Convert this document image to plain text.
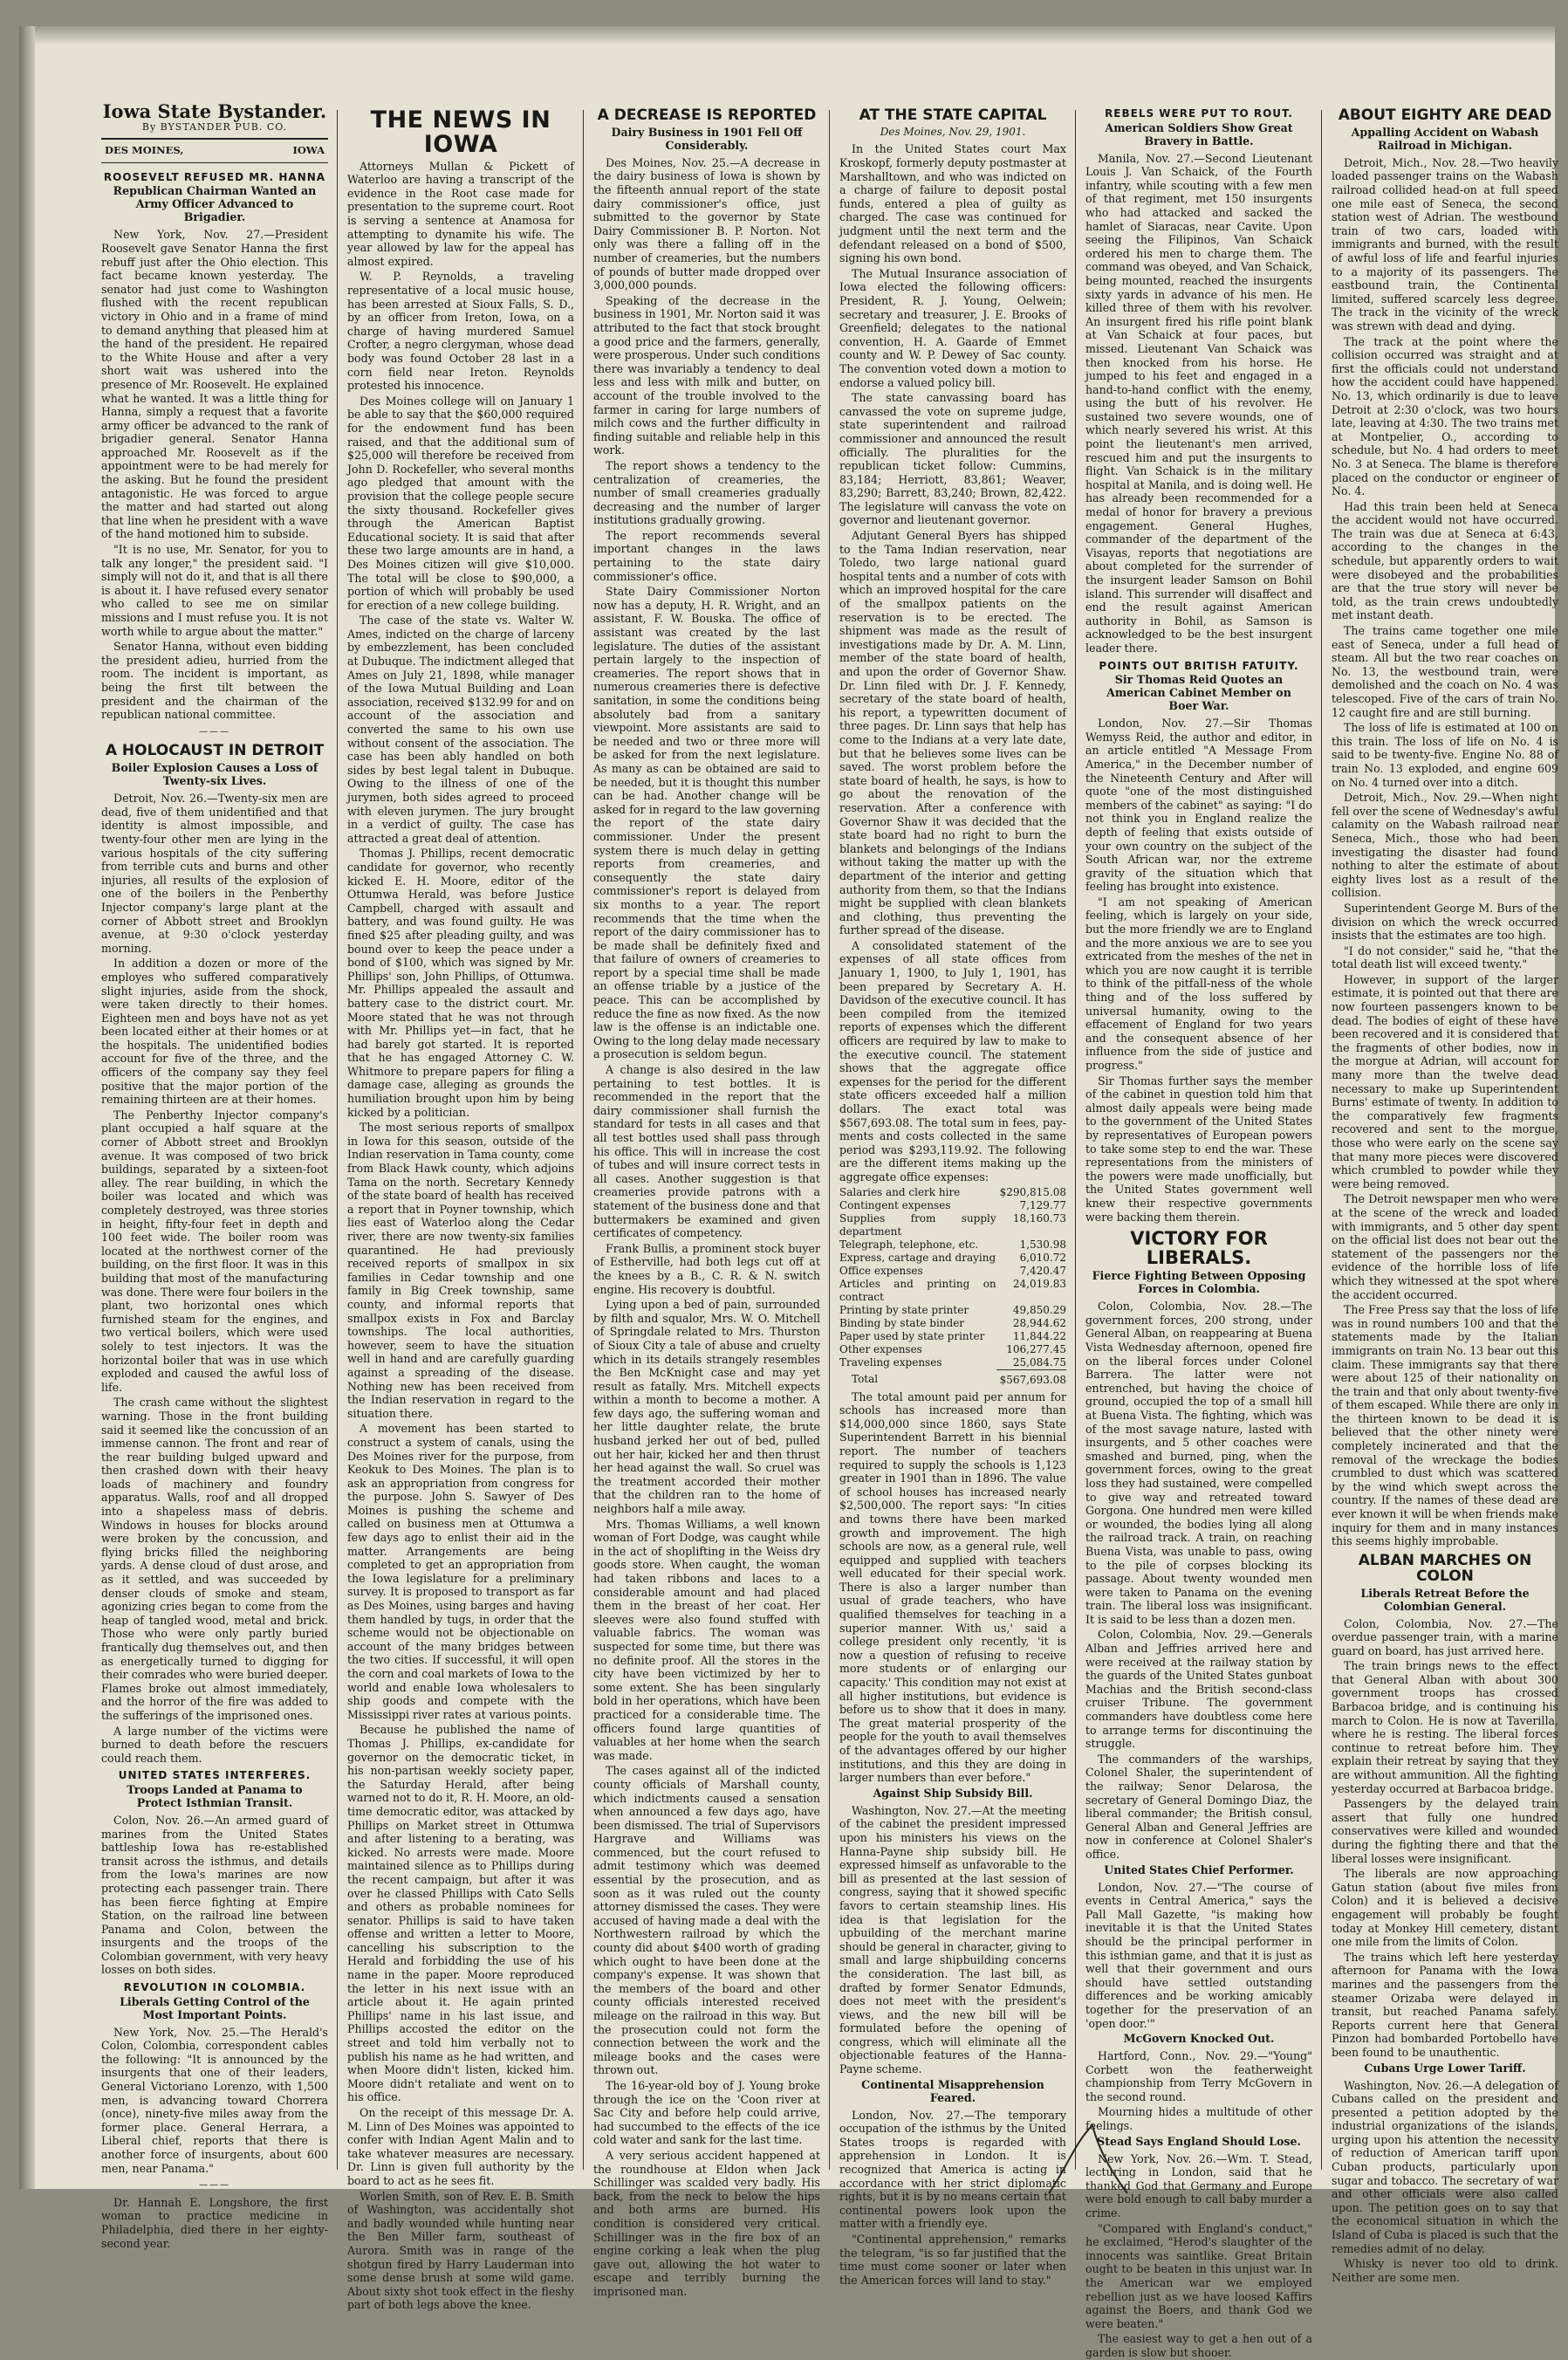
Iowa State Bystander.
By BYSTANDER PUB. CO.
DES MOINES,	IOWA
ROOSEVELT REFUSED MR. HANNA
Republican Chairman Wanted an Army Officer Advanced to Brigadier.

New York, Nov. 27.—President Roosevelt gave Senator Hanna the first rebuff just after the Ohio election. This fact became known yesterday. The senator had just come to Washington flushed with the recent republican victory in Ohio and in a frame of mind to demand anything that pleased him at the hand of the president. He repaired to the White House and after a very short wait was ushered into the presence of Mr. Roosevelt. He explained what he wanted. It was a little thing for Hanna, simply a request that a favorite army officer be advanced to the rank of brigadier general. Senator Hanna approached Mr. Roosevelt as if the appointment were to be had merely for the asking. But he found the president antagonistic. He was forced to argue the matter and had started out along that line when he president with a wave of the hand motioned him to subside.

"It is no use, Mr. Senator, for you to talk any longer," the president said. "I simply will not do it, and that is all there is about it. I have refused every senator who called to see me on similar missions and I must refuse you. It is not worth while to argue about the matter."

Senator Hanna, without even bidding the president adieu, hurried from the room. The incident is important, as being the first tilt between the president and the chairman of the republican national committee.

———
A HOLOCAUST IN DETROIT
Boiler Explosion Causes a Loss of Twenty-six Lives.

Detroit, Nov. 26.—Twenty-six men are dead, five of them unidentified and that identity is almost impossible, and twenty-four other men are lying in the various hospitals of the city suffering from terrible cuts and burns and other injuries, all results of the explosion of one of the boilers in the Penberthy Injector company's large plant at the corner of Abbott street and Brooklyn avenue, at 9:30 o'clock yesterday morning.

In addition a dozen or more of the employes who suffered comparatively slight injuries, aside from the shock, were taken directly to their homes. Eighteen men and boys have not as yet been located either at their homes or at the hospitals. The unidentified bodies account for five of the three, and the officers of the company say they feel positive that the major portion of the remaining thirteen are at their homes.

The Penberthy Injector company's plant occupied a half square at the corner of Abbott street and Brooklyn avenue. It was composed of two brick buildings, separated by a sixteen-foot alley. The rear building, in which the boiler was located and which was completely destroyed, was three stories in height, fifty-four feet in depth and 100 feet wide. The boiler room was located at the northwest corner of the building, on the first floor. It was in this building that most of the manufacturing was done. There were four boilers in the plant, two horizontal ones which furnished steam for the engines, and two vertical boilers, which were used solely to test injectors. It was the horizontal boiler that was in use which exploded and caused the awful loss of life.

The crash came without the slightest warning. Those in the front building said it seemed like the concussion of an immense cannon. The front and rear of the rear building bulged upward and then crashed down with their heavy loads of machinery and foundry apparatus. Walls, roof and all dropped into a shapeless mass of debris. Windows in houses for blocks around were broken by the concussion, and flying bricks filled the neighboring yards. A dense cloud of dust arose, and as it settled, and was succeeded by denser clouds of smoke and steam, agonizing cries began to come from the heap of tangled wood, metal and brick. Those who were only partly buried frantically dug themselves out, and then as energetically turned to digging for their comrades who were buried deeper. Flames broke out almost immediately, and the horror of the fire was added to the sufferings of the imprisoned ones.

A large number of the victims were burned to death before the rescuers could reach them.

UNITED STATES INTERFERES.
Troops Landed at Panama to Protect Isthmian Transit.

Colon, Nov. 26.—An armed guard of marines from the United States battleship Iowa has re-established transit across the isthmus, and details from the Iowa's marines are now protecting each passenger train. There has been fierce fighting at Empire Station, on the railroad line between Panama and Colon, between the insurgents and the troops of the Colombian government, with very heavy losses on both sides.

REVOLUTION IN COLOMBIA.
Liberals Getting Control of the Most Important Points.

New York, Nov. 25.—The Herald's Colon, Colombia, correspondent cables the following: "It is announced by the insurgents that one of their leaders, General Victoriano Lorenzo, with 1,500 men, is advancing toward Chorrera (once), ninety-five miles away from the former place. General Herrara, a Liberal chief, reports that there is another force of insurgents, about 600 men, near Panama."

———

Dr. Hannah E. Longshore, the first woman to practice medicine in Philadelphia, died there in her eighty-second year.

THE NEWS IN IOWA

Attorneys Mullan & Pickett of Waterloo are having a transcript of the evidence in the Root case made for presentation to the supreme court. Root is serving a sentence at Anamosa for attempting to dynamite his wife. The year allowed by law for the appeal has almost expired.

W. P. Reynolds, a traveling representative of a local music house, has been arrested at Sioux Falls, S. D., by an officer from Ireton, Iowa, on a charge of having murdered Samuel Crofter, a negro clergyman, whose dead body was found October 28 last in a corn field near Ireton. Reynolds protested his innocence.

Des Moines college will on January 1 be able to say that the $60,000 required for the endowment fund has been raised, and that the additional sum of $25,000 will therefore be received from John D. Rockefeller, who several months ago pledged that amount with the provision that the college people secure the sixty thousand. Rockefeller gives through the American Baptist Educational society. It is said that after these two large amounts are in hand, a Des Moines citizen will give $10,000. The total will be close to $90,000, a portion of which will probably be used for erection of a new college building.

The case of the state vs. Walter W. Ames, indicted on the charge of larceny by embezzlement, has been concluded at Dubuque. The indictment alleged that Ames on July 21, 1898, while manager of the Iowa Mutual Building and Loan association, received $132.99 for and on account of the association and converted the same to his own use without consent of the association. The case has been ably handled on both sides by best legal talent in Dubuque. Owing to the illness of one of the jurymen, both sides agreed to proceed with eleven jurymen. The jury brought in a verdict of guilty. The case has attracted a great deal of attention.

Thomas J. Phillips, recent democratic candidate for governor, who recently kicked E. H. Moore, editor of the Ottumwa Herald, was before Justice Campbell, charged with assault and battery, and was found guilty. He was fined $25 after pleading guilty, and was bound over to keep the peace under a bond of $100, which was signed by Mr. Phillips' son, John Phillips, of Ottumwa. Mr. Phillips appealed the assault and battery case to the district court. Mr. Moore stated that he was not through with Mr. Phillips yet—in fact, that he had barely got started. It is reported that he has engaged Attorney C. W. Whitmore to prepare papers for filing a damage case, alleging as grounds the humiliation brought upon him by being kicked by a politician.

The most serious reports of smallpox in Iowa for this season, outside of the Indian reservation in Tama county, come from Black Hawk county, which adjoins Tama on the north. Secretary Kennedy of the state board of health has received a report that in Poyner township, which lies east of Waterloo along the Cedar river, there are now twenty-six families quarantined. He had previously received reports of smallpox in six families in Cedar township and one family in Big Creek township, same county, and informal reports that smallpox exists in Fox and Barclay townships. The local authorities, however, seem to have the situation well in hand and are carefully guarding against a spreading of the disease. Nothing new has been received from the Indian reservation in regard to the situation there.

A movement has been started to construct a system of canals, using the Des Moines river for the purpose, from Keokuk to Des Moines. The plan is to ask an appropriation from congress for the purpose. John S. Sawyer of Des Moines is pushing the scheme and called on business men at Ottumwa a few days ago to enlist their aid in the matter. Arrangements are being completed to get an appropriation from the Iowa legislature for a preliminary survey. It is proposed to transport as far as Des Moines, using barges and having them handled by tugs, in order that the scheme would not be objectionable on account of the many bridges between the two cities. If successful, it will open the corn and coal markets of Iowa to the world and enable Iowa wholesalers to ship goods and compete with the Mississippi river rates at various points.

Because he published the name of Thomas J. Phillips, ex-candidate for governor on the democratic ticket, in his non-partisan weekly society paper, the Saturday Herald, after being warned not to do it, R. H. Moore, an old-time democratic editor, was attacked by Phillips on Market street in Ottumwa and after listening to a berating, was kicked. No arrests were made. Moore maintained silence as to Phillips during the recent campaign, but after it was over he classed Phillips with Cato Sells and others as probable nominees for senator. Phillips is said to have taken offense and written a letter to Moore, cancelling his subscription to the Herald and forbidding the use of his name in the paper. Moore reproduced the letter in his next issue with an article about it. He again printed Phillips' name in his last issue, and Phillips accosted the editor on the street and told him verbally not to publish his name as he had written, and when Moore didn't listen, kicked him. Moore didn't retaliate and went on to his office.

On the receipt of this message Dr. A. M. Linn of Des Moines was appointed to confer with Indian Agent Malin and to take whatever measures are necessary. Dr. Linn is given full authority by the board to act as he sees fit.

Worlen Smith, son of Rev. E. B. Smith of Washington, was accidentally shot and badly wounded while hunting near the Ben Miller farm, southeast of Aurora. Smith was in range of the shotgun fired by Harry Lauderman into some dense brush at some wild game. About sixty shot took effect in the fleshy part of both legs above the knee.

A DECREASE IS REPORTED
Dairy Business in 1901 Fell Off Considerably.

Des Moines, Nov. 25.—A decrease in the dairy business of Iowa is shown by the fifteenth annual report of the state dairy commissioner's office, just submitted to the governor by State Dairy Commissioner B. P. Norton. Not only was there a falling off in the number of creameries, but the numbers of pounds of butter made dropped over 3,000,000 pounds.

Speaking of the decrease in the business in 1901, Mr. Norton said it was attributed to the fact that stock brought a good price and the farmers, generally, were prosperous. Under such conditions there was invariably a tendency to deal less and less with milk and butter, on account of the trouble involved to the farmer in caring for large numbers of milch cows and the further difficulty in finding suitable and reliable help in this work.

The report shows a tendency to the centralization of creameries, the number of small creameries gradually decreasing and the number of larger institutions gradually growing.

The report recommends several important changes in the laws pertaining to the state dairy commissioner's office.

State Dairy Commissioner Norton now has a deputy, H. R. Wright, and an assistant, F. W. Bouska. The office of assistant was created by the last legislature. The duties of the assistant pertain largely to the inspection of creameries. The report shows that in numerous creameries there is defective sanitation, in some the conditions being absolutely bad from a sanitary viewpoint. More assistants are said to be needed and two or three more will be asked for from the next legislature. As many as can be obtained are said to be needed, but it is thought this number can be had. Another change will be asked for in regard to the law governing the report of the state dairy commissioner. Under the present system there is much delay in getting reports from creameries, and consequently the state dairy commissioner's report is delayed from six months to a year. The report recommends that the time when the report of the dairy commissioner has to be made shall be definitely fixed and that failure of owners of creameries to report by a special time shall be made an offense triable by a justice of the peace. This can be accomplished by reduce the fine as now fixed. As the now law is the offense is an indictable one. Owing to the long delay made necessary a prosecution is seldom begun.

A change is also desired in the law pertaining to test bottles. It is recommended in the report that the dairy commissioner shall furnish the standard for tests in all cases and that all test bottles used shall pass through his office. This will in increase the cost of tubes and will insure correct tests in all cases. Another suggestion is that creameries provide patrons with a statement of the business done and that buttermakers be examined and given certificates of competency.

Frank Bullis, a prominent stock buyer of Estherville, had both legs cut off at the knees by a B., C. R. & N. switch engine. His recovery is doubtful.

Lying upon a bed of pain, surrounded by filth and squalor, Mrs. W. O. Mitchell of Springdale related to Mrs. Thurston of Sioux City a tale of abuse and cruelty which in its details strangely resembles the Ben McKnight case and may yet result as fatally. Mrs. Mitchell expects within a month to become a mother. A few days ago, the suffering woman and her little daughter relate, the brute husband jerked her out of bed, pulled out her hair, kicked her and then thrust her head against the wall. So cruel was the treatment accorded their mother that the children ran to the home of neighbors half a mile away.

Mrs. Thomas Williams, a well known woman of Fort Dodge, was caught while in the act of shoplifting in the Weiss dry goods store. When caught, the woman had taken ribbons and laces to a considerable amount and had placed them in the breast of her coat. Her sleeves were also found stuffed with valuable fabrics. The woman was suspected for some time, but there was no definite proof. All the stores in the city have been victimized by her to some extent. She has been singularly bold in her operations, which have been practiced for a considerable time. The officers found large quantities of valuables at her home when the search was made.

The cases against all of the indicted county officials of Marshall county, which indictments caused a sensation when announced a few days ago, have been dismissed. The trial of Supervisors Hargrave and Williams was commenced, but the court refused to admit testimony which was deemed essential by the prosecution, and as soon as it was ruled out the county attorney dismissed the cases. They were accused of having made a deal with the Northwestern railroad by which the county did about $400 worth of grading which ought to have been done at the company's expense. It was shown that the members of the board and other county officials interested received mileage on the railroad in this way. But the prosecution could not form the connection between the work and the mileage books and the cases were thrown out.

The 16-year-old boy of J. Young broke through the ice on the 'Coon river at Sac City and before help could arrive, had succumbed to the effects of the ice cold water and sank for the last time.

A very serious accident happened at the roundhouse at Eldon when Jack Schillinger was scalded very badly. His back, from the neck to below the hips and both arms are burned. His condition is considered very critical. Schillinger was in the fire box of an engine corking a leak when the plug gave out, allowing the hot water to escape and terribly burning the imprisoned man.

AT THE STATE CAPITAL
Des Moines, Nov. 29, 1901.

In the United States court Max Kroskopf, formerly deputy postmaster at Marshalltown, and who was indicted on a charge of failure to deposit postal funds, entered a plea of guilty as charged. The case was continued for judgment until the next term and the defendant released on a bond of $500, signing his own bond.

The Mutual Insurance association of Iowa elected the following officers: President, R. J. Young, Oelwein; secretary and treasurer, J. E. Brooks of Greenfield; delegates to the national convention, H. A. Gaarde of Emmet county and W. P. Dewey of Sac county. The convention voted down a motion to endorse a valued policy bill.

The state canvassing board has canvassed the vote on supreme judge, state superintendent and railroad commissioner and announced the result officially. The pluralities for the republican ticket follow: Cummins, 83,184; Herriott, 83,861; Weaver, 83,290; Barrett, 83,240; Brown, 82,422. The legislature will canvass the vote on governor and lieutenant governor.

Adjutant General Byers has shipped to the Tama Indian reservation, near Toledo, two large national guard hospital tents and a number of cots with which an improved hospital for the care of the smallpox patients on the reservation is to be erected. The shipment was made as the result of investigations made by Dr. A. M. Linn, member of the state board of health, and upon the order of Governor Shaw. Dr. Linn filed with Dr. J. F. Kennedy, secretary of the state board of health, his report, a typewritten document of three pages. Dr. Linn says that help has come to the Indians at a very late date, but that he believes some lives can be saved. The worst problem before the state board of health, he says, is how to go about the renovation of the reservation. After a conference with Governor Shaw it was decided that the state board had no right to burn the blankets and belongings of the Indians without taking the matter up with the department of the interior and getting authority from them, so that the Indians might be supplied with clean blankets and clothing, thus preventing the further spread of the disease.

A consolidated statement of the expenses of all state offices from January 1, 1900, to July 1, 1901, has been prepared by Secretary A. H. Davidson of the executive council. It has been compiled from the itemized reports of expenses which the different officers are required by law to make to the executive council. The statement shows that the aggregate office expenses for the period for the different state officers exceeded half a million dollars. The exact total was $567,693.08. The total sum in fees, pay-ments and costs collected in the same period was $293,119.92. The following are the different items making up the aggregate office expenses:

Salaries and clerk hire	$290,815.08
Contingent expenses	7,129.77
Supplies from supply department	18,160.73
Telegraph, telephone, etc.	1,530.98
Express, cartage and draying	6,010.72
Office expenses	7,420.47
Articles and printing on contract	24,019.83
Printing by state printer	49,850.29
Binding by state binder	28,944.62
Paper used by state printer	11,844.22
Other expenses	106,277.45
Traveling expenses	25,084.75
Total	$567,693.08

The total amount paid per annum for schools has increased more than $14,000,000 since 1860, says State Superintendent Barrett in his biennial report. The number of teachers required to supply the schools is 1,123 greater in 1901 than in 1896. The value of school houses has increased nearly $2,500,000. The report says: "In cities and towns there have been marked growth and improvement. The high schools are now, as a general rule, well equipped and supplied with teachers well educated for their special work. There is also a larger number than usual of grade teachers, who have qualified themselves for teaching in a superior manner. With us,' said a college president only recently, 'it is now a question of refusing to receive more students or of enlarging our capacity.' This condition may not exist at all higher institutions, but evidence is before us to show that it does in many. The great material prosperity of the people for the youth to avail themselves of the advantages offered by our higher institutions, and this they are doing in larger numbers than ever before."

Against Ship Subsidy Bill.

Washington, Nov. 27.—At the meeting of the cabinet the president impressed upon his ministers his views on the Hanna-Payne ship subsidy bill. He expressed himself as unfavorable to the bill as presented at the last session of congress, saying that it showed specific favors to certain steamship lines. His idea is that legislation for the upbuilding of the merchant marine should be general in character, giving to small and large shipbuilding concerns the consideration. The last bill, as drafted by former Senator Edmunds, does not meet with the president's views, and the new bill will be formulated before the opening of congress, which will eliminate all the objectionable features of the Hanna-Payne scheme.

Continental Misapprehension Feared.

London, Nov. 27.—The temporary occupation of the isthmus by the United States troops is regarded with apprehension in London. It is recognized that America is acting in accordance with her strict diplomatic rights, but it is by no means certain that continental powers look upon the matter with a friendly eye.

"Continental apprehension," remarks the telegram, "is so far justified that the time must come sooner or later when the American forces will land to stay."

REBELS WERE PUT TO ROUT.
American Soldiers Show Great Bravery in Battle.

Manila, Nov. 27.—Second Lieutenant Louis J. Van Schaick, of the Fourth infantry, while scouting with a few men of that regiment, met 150 insurgents who had attacked and sacked the hamlet of Siaracas, near Cavite. Upon seeing the Filipinos, Van Schaick ordered his men to charge them. The command was obeyed, and Van Schaick, being mounted, reached the insurgents sixty yards in advance of his men. He killed three of them with his revolver. An insurgent fired his rifle point blank at Van Schaick at four paces, but missed. Lieutenant Van Schaick was then knocked from his horse. He jumped to his feet and engaged in a hand-to-hand conflict with the enemy, using the butt of his revolver. He sustained two severe wounds, one of which nearly severed his wrist. At this point the lieutenant's men arrived, rescued him and put the insurgents to flight. Van Schaick is in the military hospital at Manila, and is doing well. He has already been recommended for a medal of honor for bravery a previous engagement. General Hughes, commander of the department of the Visayas, reports that negotiations are about completed for the surrender of the insurgent leader Samson on Bohil island. This surrender will disaffect and end the result against American authority in Bohil, as Samson is acknowledged to be the best insurgent leader there.

POINTS OUT BRITISH FATUITY.
Sir Thomas Reid Quotes an American Cabinet Member on Boer War.

London, Nov. 27.—Sir Thomas Wemyss Reid, the author and editor, in an article entitled "A Message From America," in the December number of the Nineteenth Century and After will quote "one of the most distinguished members of the cabinet" as saying: "I do not think you in England realize the depth of feeling that exists outside of your own country on the subject of the South African war, nor the extreme gravity of the situation which that feeling has brought into existence.

"I am not speaking of American feeling, which is largely on your side, but the more friendly we are to England and the more anxious we are to see you extricated from the meshes of the net in which you are now caught it is terrible to think of the pitfall-ness of the whole thing and of the loss suffered by universal humanity, owing to the effacement of England for two years and the consequent absence of her influence from the side of justice and progress."

Sir Thomas further says the member of the cabinet in question told him that almost daily appeals were being made to the government of the United States by representatives of European powers to take some step to end the war. These representations from the ministers of the powers were made unofficially, but the United States government well knew their respective governments were backing them therein.

VICTORY FOR LIBERALS.
Fierce Fighting Between Opposing Forces in Colombia.

Colon, Colombia, Nov. 28.—The government forces, 200 strong, under General Alban, on reappearing at Buena Vista Wednesday afternoon, opened fire on the liberal forces under Colonel Barrera. The latter were not entrenched, but having the choice of ground, occupied the top of a small hill at Buena Vista. The fighting, which was of the most savage nature, lasted with insurgents, and 5 other coaches were smashed and burned, ping, when the government forces, owing to the great loss they had sustained, were compelled to give way and retreated toward Gorgona. One hundred men were killed or wounded, the bodies lying all along the railroad track. A train, on reaching Buena Vista, was unable to pass, owing to the pile of corpses blocking its passage. About twenty wounded men were taken to Panama on the evening train. The liberal loss was insignificant. It is said to be less than a dozen men.

Colon, Colombia, Nov. 29.—Generals Alban and Jeffries arrived here and were received at the railway station by the guards of the United States gunboat Machias and the British second-class cruiser Tribune. The government commanders have doubtless come here to arrange terms for discontinuing the struggle.

The commanders of the warships, Colonel Shaler, the superintendent of the railway; Senor Delarosa, the secretary of General Domingo Diaz, the liberal commander; the British consul, General Alban and General Jeffries are now in conference at Colonel Shaler's office.

United States Chief Performer.

London, Nov. 27.—"The course of events in Central America," says the Pall Mall Gazette, "is making how inevitable it is that the United States should be the principal performer in this isthmian game, and that it is just as well that their government and ours should have settled outstanding differences and be working amicably together for the preservation of an 'open door.'"

McGovern Knocked Out.

Hartford, Conn., Nov. 29.—"Young" Corbett won the featherweight championship from Terry McGovern in the second round.

Mourning hides a multitude of other feelings.

Stead Says England Should Lose.

New York, Nov. 26.—Wm. T. Stead, lecturing in London, said that he thanked God that Germany and Europe were bold enough to call baby murder a crime.

"Compared with England's conduct," he exclaimed, "Herod's slaughter of the innocents was saintlike. Great Britain ought to be beaten in this unjust war. In the American war we employed rebellion just as we have loosed Kaffirs against the Boers, and thank God we were beaten."

The easiest way to get a hen out of a garden is slow but shooer.

ABOUT EIGHTY ARE DEAD
Appalling Accident on Wabash Railroad in Michigan.

Detroit, Mich., Nov. 28.—Two heavily loaded passenger trains on the Wabash railroad collided head-on at full speed one mile east of Seneca, the second station west of Adrian. The westbound train of two cars, loaded with immigrants and burned, with the result of awful loss of life and fearful injuries to a majority of its passengers. The eastbound train, the Continental limited, suffered scarcely less degree. The track in the vicinity of the wreck was strewn with dead and dying.

The track at the point where the collision occurred was straight and at first the officials could not understand how the accident could have happened. No. 13, which ordinarily is due to leave Detroit at 2:30 o'clock, was two hours late, leaving at 4:30. The two trains met at Montpelier, O., according to schedule, but No. 4 had orders to meet No. 3 at Seneca. The blame is therefore placed on the conductor or engineer of No. 4.

Had this train been held at Seneca the accident would not have occurred. The train was due at Seneca at 6:43, according to the changes in the schedule, but apparently orders to wait were disobeyed and the probabilities are that the true story will never be told, as the train crews undoubtedly met instant death.

The trains came together one mile east of Seneca, under a full head of steam. All but the two rear coaches on No. 13, the westbound train, were demolished and the coach on No. 4 was telescoped. Five of the cars of train No. 12 caught fire and are still burning.

The loss of life is estimated at 100 on this train. The loss of life on No. 4 is said to be twenty-five. Engine No. 88 of train No. 13 exploded, and engine 609 on No. 4 turned over into a ditch.

Detroit, Mich., Nov. 29.—When night fell over the scene of Wednesday's awful calamity on the Wabash railroad near Seneca, Mich., those who had been investigating the disaster had found nothing to alter the estimate of about eighty lives lost as a result of the collision.

Superintendent George M. Burs of the division on which the wreck occurred insists that the estimates are too high.

"I do not consider," said he, "that the total death list will exceed twenty."

However, in support of the larger estimate, it is pointed out that there are now fourteen passengers known to be dead. The bodies of eight of these have been recovered and it is considered that the fragments of other bodies, now in the morgue at Adrian, will account for many more than the twelve dead necessary to make up Superintendent Burns' estimate of twenty. In addition to the comparatively few fragments recovered and sent to the morgue, those who were early on the scene say that many more pieces were discovered which crumbled to powder while they were being removed.

The Detroit newspaper men who were at the scene of the wreck and loaded with immigrants, and 5 other day spent on the official list does not bear out the statement of the passengers nor the evidence of the horrible loss of life which they witnessed at the spot where the accident occurred.

The Free Press say that the loss of life was in round numbers 100 and that the statements made by the Italian immigrants on train No. 13 bear out this claim. These immigrants say that there were about 125 of their nationality on the train and that only about twenty-five of them escaped. While there are only in the thirteen known to be dead it is believed that the other ninety were completely incinerated and that the removal of the wreckage the bodies crumbled to dust which was scattered by the wind which swept across the country. If the names of these dead are ever known it will be when friends make inquiry for them and in many instances this seems highly improbable.

ALBAN MARCHES ON COLON
Liberals Retreat Before the Colombian General.

Colon, Colombia, Nov. 27.—The overdue passenger train, with a marine guard on board, has just arrived here.

The train brings news to the effect that General Alban with about 300 government troops has crossed Barbacoa bridge, and is continuing his march to Colon. He is now at Taverilla, where he is resting. The liberal forces continue to retreat before him. They explain their retreat by saying that they are without ammunition. All the fighting yesterday occurred at Barbacoa bridge.

Passengers by the delayed train assert that fully one hundred conservatives were killed and wounded during the fighting there and that the liberal losses were insignificant.

The liberals are now approaching Gatun station (about five miles from Colon) and it is believed a decisive engagement will probably be fought today at Monkey Hill cemetery, distant one mile from the limits of Colon.

The trains which left here yesterday afternoon for Panama with the Iowa marines and the passengers from the steamer Orizaba were delayed in transit, but reached Panama safely. Reports current here that General Pinzon had bombarded Portobello have been found to be unauthentic.

Cubans Urge Lower Tariff.

Washington, Nov. 26.—A delegation of Cubans called on the president and presented a petition adopted by the industrial organizations of the islands, urging upon his attention the necessity of reduction of American tariff upon Cuban products, particularly upon sugar and tobacco. The secretary of war and other officials were also called upon. The petition goes on to say that the economical situation in which the Island of Cuba is placed is such that the remedies admit of no delay.

Whisky is never too old to drink. Neither are some men.
